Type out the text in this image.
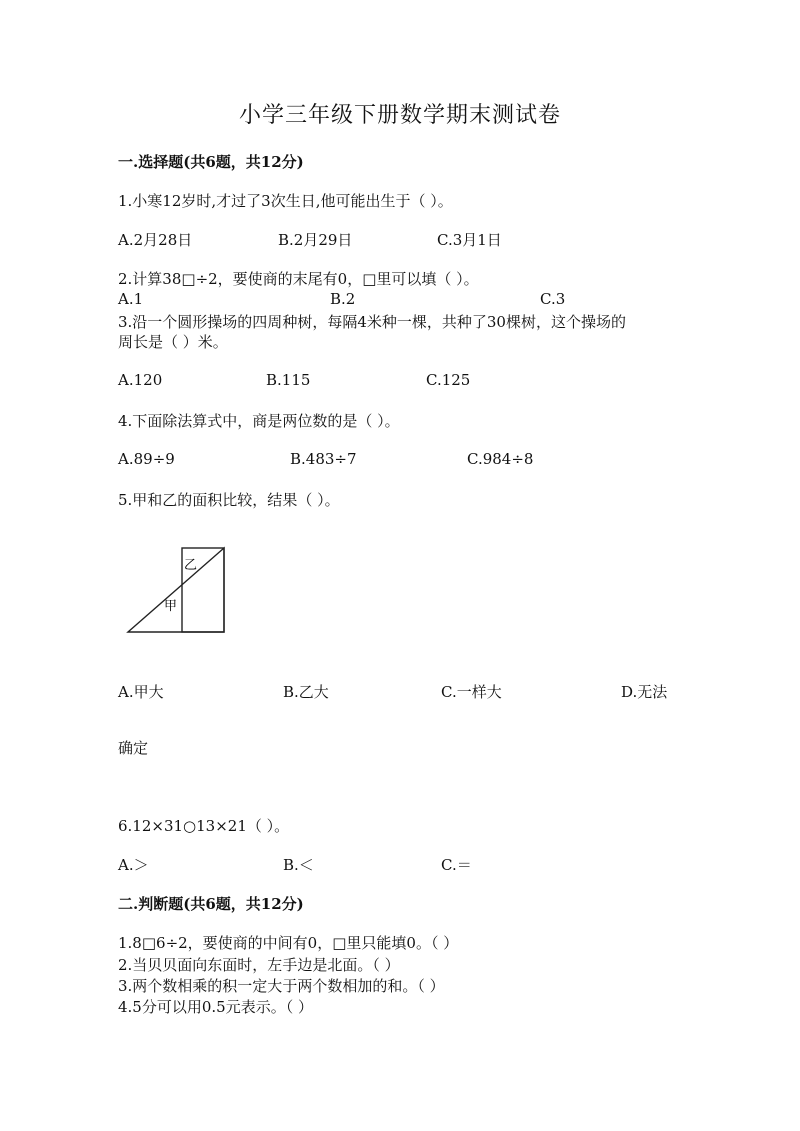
小学三年级下册数学期末测试卷
一.选择题(共6题，共12分)
1.小寒12岁时,才过了3次生日,他可能出生于（ ）。
A.2月28日	B.2月29日	C.3月1日
2.计算38□÷2，要使商的末尾有0，□里可以填（ ）。
A.1	B.2	C.3
3.沿一个圆形操场的四周种树，每隔4米种一棵，共种了30棵树，这个操场的
周长是（ ）米。
A.120	B.115	C.125
4.下面除法算式中，商是两位数的是（ ）。
A.89÷9	B.483÷7	C.984÷8
5.甲和乙的面积比较，结果（ ）。
乙
甲
A.甲大	B.乙大	C.一样大	D.无法
确定
6.12×31○13×21（ ）。
A.＞	B.＜	C.＝
二.判断题(共6题，共12分)
1.8□6÷2，要使商的中间有0，□里只能填0。（ ）
2.当贝贝面向东面时，左手边是北面。（ ）
3.两个数相乘的积一定大于两个数相加的和。（ ）
4.5分可以用0.5元表示。（ ）
